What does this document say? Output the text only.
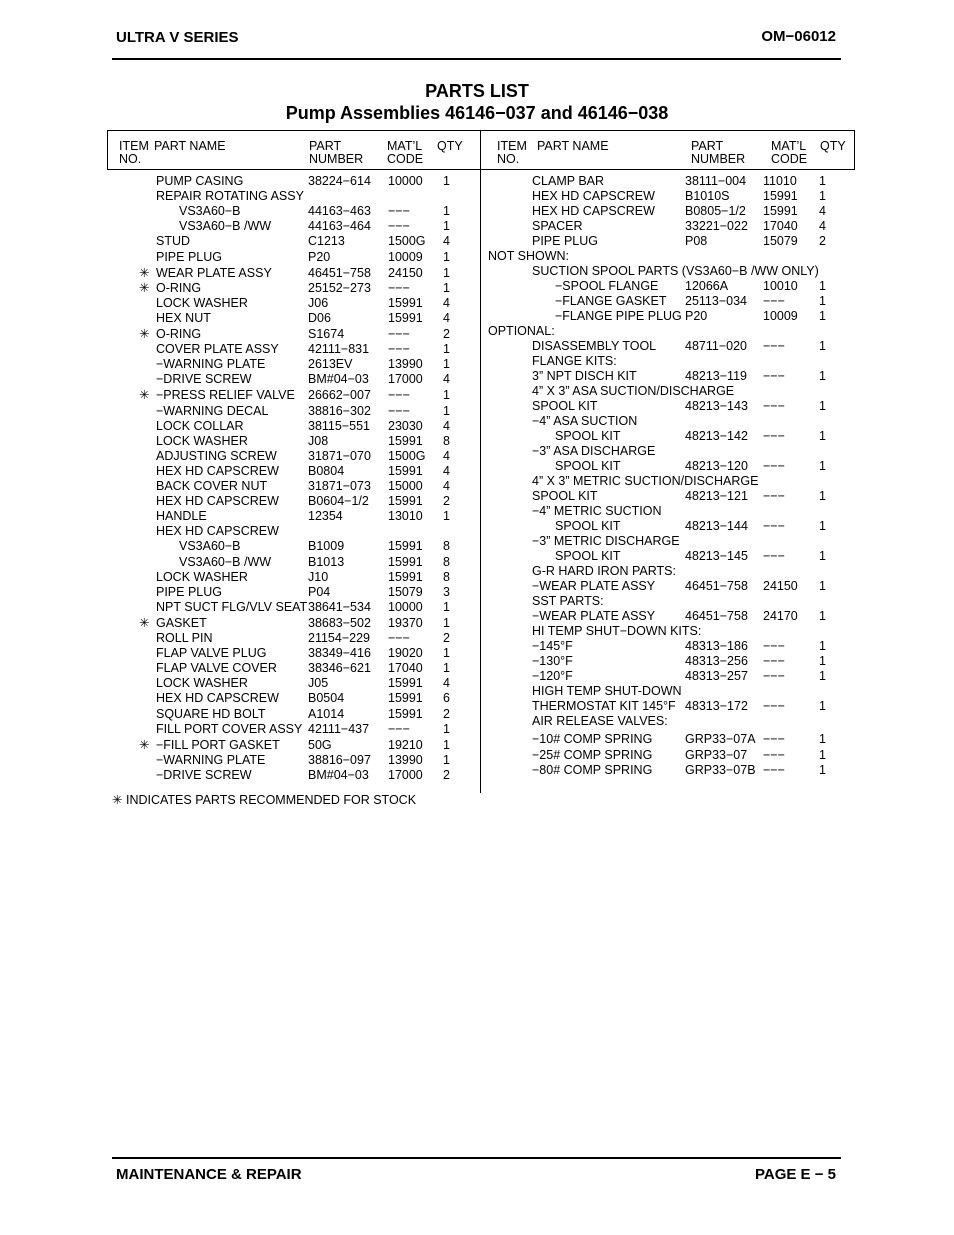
ULTRA V SERIES	OM−06012
PARTS LIST
Pump Assemblies 46146−037 and 46146−038
ITEM
NO.
PART NAME	PART
NUMBER
MAT’L
CODE
QTY	ITEM
NO.
PART NAME	PART
NUMBER
MAT’L
CODE
QTY
PUMP CASING	38224−614 10000 1
REPAIR ROTATING ASSY
VS3A60−B	44163−463 −−−	1
VS3A60−B /WW	44163−464 −−−	1
STUD	C1213	1500G 4
PIPE PLUG	P20	10009 1
✳ WEAR PLATE ASSY	46451−758 24150 1
✳ O-RING	25152−273 −−−	1
LOCK WASHER	J06	15991 4
HEX NUT	D06	15991 4
✳ O-RING	S1674	−−−	2
COVER PLATE ASSY 42111−831 −−−	1
−WARNING PLATE	2613EV	13990 1
−DRIVE SCREW	BM#04−03 17000 4
✳ −PRESS RELIEF VALVE 26662−007 −−−	1
−WARNING DECAL	38816−302 −−−	1
LOCK COLLAR	38115−551 23030 4
LOCK WASHER	J08	15991 8
ADJUSTING SCREW 31871−070 1500G 4
HEX HD CAPSCREW B0804	15991 4
BACK COVER NUT	31871−073 15000 4
HEX HD CAPSCREW B0604−1/2 15991 2
HANDLE	12354	13010 1
HEX HD CAPSCREW
VS3A60−B	B1009	15991 8
VS3A60−B /WW	B1013	15991 8
LOCK WASHER	J10	15991 8
PIPE PLUG	P04	15079 3
NPT SUCT FLG/VLV SEAT 38641−534 10000 1
✳ GASKET	38683−502 19370 1
ROLL PIN	21154−229 −−−	2
FLAP VALVE PLUG	38349−416 19020 1
FLAP VALVE COVER 38346−621 17040 1
LOCK WASHER	J05	15991 4
HEX HD CAPSCREW B0504	15991 6
SQUARE HD BOLT	A1014	15991 2
FILL PORT COVER ASSY 42111−437 −−−	1
✳ −FILL PORT GASKET 50G	19210 1
−WARNING PLATE	38816−097 13990 1
−DRIVE SCREW	BM#04−03 17000 2
CLAMP BAR	38111−004 11010 1
HEX HD CAPSCREW B1010S	15991 1
HEX HD CAPSCREW B0805−1/2 15991 4
SPACER	33221−022 17040 4
PIPE PLUG	P08	15079 2
NOT SHOWN:
SUCTION SPOOL PARTS (VS3A60−B /WW ONLY)
−SPOOL FLANGE 12066A	10010 1
−FLANGE GASKET 25113−034 −−−	1
−FLANGE PIPE PLUG P20	10009 1
OPTIONAL:
DISASSEMBLY TOOL 48711−020 −−−	1
FLANGE KITS:
3” NPT DISCH KIT	48213−119 −−−	1
4” X 3” ASA SUCTION/DISCHARGE
SPOOL KIT	48213−143 −−−	1
−4” ASA SUCTION
SPOOL KIT	48213−142 −−−	1
−3” ASA DISCHARGE
SPOOL KIT	48213−120 −−−	1
4” X 3” METRIC SUCTION/DISCHARGE
SPOOL KIT	48213−121 −−−	1
−4” METRIC SUCTION
SPOOL KIT	48213−144 −−−	1
−3” METRIC DISCHARGE
SPOOL KIT	48213−145 −−−	1
G-R HARD IRON PARTS:
−WEAR PLATE ASSY 46451−758 24150 1
SST PARTS:
−WEAR PLATE ASSY 46451−758 24170 1
HI TEMP SHUT−DOWN KITS:
−145°F	48313−186 −−−	1
−130°F	48313−256 −−−	1
−120°F	48313−257 −−−	1
HIGH TEMP SHUT-DOWN
THERMOSTAT KIT 145°F 48313−172 −−−	1
AIR RELEASE VALVES:
−10# COMP SPRING	GRP33−07A −−−	1
−25# COMP SPRING	GRP33−07 −−−	1
−80# COMP SPRING	GRP33−07B −−−	1
✳ INDICATES PARTS RECOMMENDED FOR STOCK
MAINTENANCE & REPAIR	PAGE E − 5
